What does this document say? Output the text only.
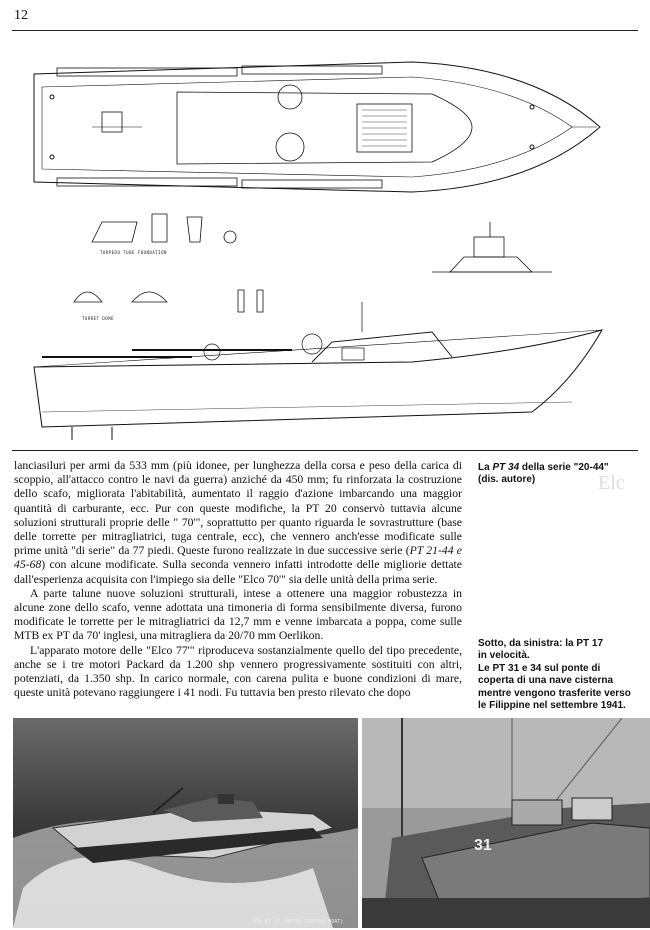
12
TORPEDO TUBE FOUNDATION
TURRET DOME

lanciasiluri per armi da 533 mm (più idonee, per lunghezza della corsa e peso della carica di scoppio, all'attacco contro le navi da guerra) anziché da 450 mm; fu rinforzata la costruzione dello scafo, migliorata l'abitabilità, aumentato il raggio d'azione imbarcando una maggior quantità di carburante, ecc. Pur con queste modifiche, la PT 20 conservò tuttavia alcune soluzioni strutturali proprie delle " 70'", soprattutto per quanto riguarda le sovrastrutture (base delle torrette per mitragliatrici, tuga centrale, ecc), che vennero anch'esse modificate sulle prime unità "di serie" da 77 piedi. Queste furono realizzate in due successive serie (PT 21-44 e 45-68) con alcune modificate. Sulla seconda vennero infatti introdotte delle migliorie dettate dall'esperienza acquisita con l'impiego sia delle "Elco 70'" sia delle unità della prima serie.

A parte talune nuove soluzioni strutturali, intese a ottenere una maggior robustezza in alcune zone dello scafo, venne adottata una timoneria di forma sensibilmente diversa, furono modificate le torrette per le mitragliatrici da 12,7 mm e venne imbarcata a poppa, come sulle MTB ex PT da 70' inglesi, una mitragliera da 20/70 mm Oerlikon.

L'apparato motore delle "Elco 77'" riproduceva sostanzialmente quello del tipo precedente, anche se i tre motori Packard da 1.200 shp vennero progressivamente sostituiti con altri, potenziati, da 1.350 shp. In carico normale, con carena pulita e buone condizioni di mare, queste unità potevano raggiungere i 41 nodi. Fu tuttavia ben presto rilevato che dopo

Elc
La PT 34 della serie "20-44"
(dis. autore)
Sotto, da sinistra: la PT 17
in velocità.
Le PT 31 e 34 sul ponte di
coperta di una nave cisterna
mentre vengono trasferite verso
le Filippine nel settembre 1941.
USS PT 17 (MOTOR TORPEDO BOAT)
31
